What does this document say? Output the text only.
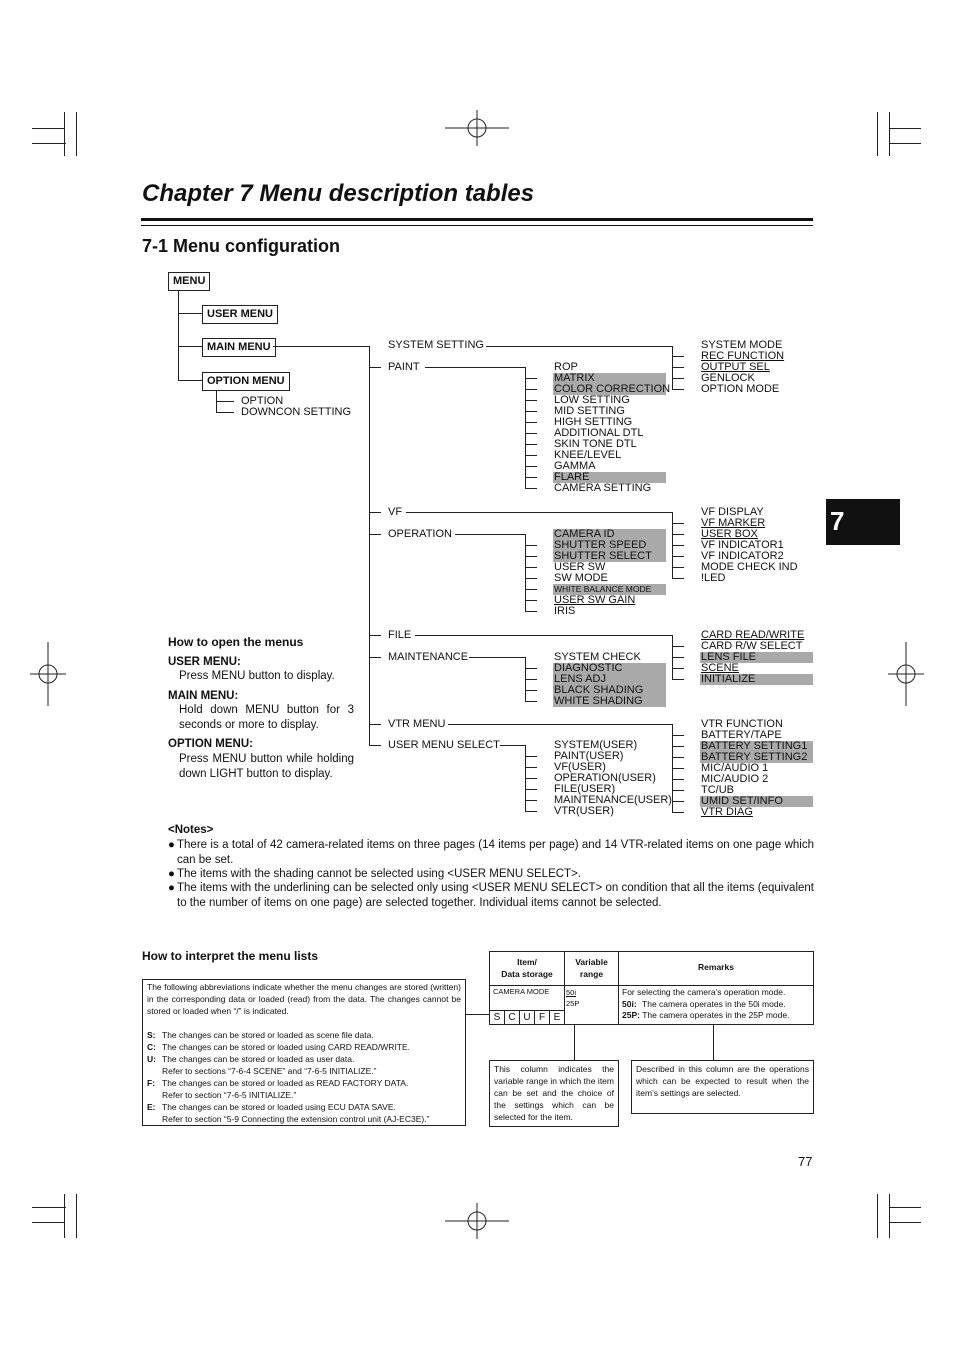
Chapter 7 Menu description tables
7-1 Menu configuration
7
MENU
USER MENU
MAIN MENU
OPTION MENU
OPTION
DOWNCON SETTING
SYSTEM SETTING
PAINT
VF
OPERATION
FILE
MAINTENANCE
VTR MENU
USER MENU SELECT
ROP
MATRIX
COLOR CORRECTION
LOW SETTING
MID SETTING
HIGH SETTING
ADDITIONAL DTL
SKIN TONE DTL
KNEE/LEVEL
GAMMA
FLARE
CAMERA SETTING
CAMERA ID
SHUTTER SPEED
SHUTTER SELECT
USER SW
SW MODE
WHITE BALANCE MODE
USER SW GAIN
IRIS
SYSTEM CHECK
DIAGNOSTIC
LENS ADJ
BLACK SHADING
WHITE SHADING
SYSTEM(USER)
PAINT(USER)
VF(USER)
OPERATION(USER)
FILE(USER)
MAINTENANCE(USER)
VTR(USER)
SYSTEM MODE
REC FUNCTION
OUTPUT SEL
GENLOCK
OPTION MODE
VF DISPLAY
VF MARKER
USER BOX
VF INDICATOR1
VF INDICATOR2
MODE CHECK IND
!LED
CARD READ/WRITE
CARD R/W SELECT
LENS FILE
SCENE
INITIALIZE
VTR FUNCTION
BATTERY/TAPE
BATTERY SETTING1
BATTERY SETTING2
MIC/AUDIO 1
MIC/AUDIO 2
TC/UB
UMID SET/INFO
VTR DIAG
How to open the menus
USER MENU:
Press MENU button to display.
MAIN MENU:
Hold down MENU button for 3 seconds or more to display.
OPTION MENU:
Press MENU button while holding down LIGHT button to display.
<Notes>
● There is a total of 42 camera-related items on three pages (14 items per page) and 14 VTR-related items on one page which can be set.
● The items with the shading cannot be selected using <USER MENU SELECT>.
● The items with the underlining can be selected only using <USER MENU SELECT> on condition that all the items (equivalent to the number of items on one page) are selected together. Individual items cannot be selected.
How to interpret the menu lists
The following abbreviations indicate whether the menu changes are stored (written) in the corresponding data or loaded (read) from the data. The changes cannot be stored or loaded when “/” is indicated.
S: The changes can be stored or loaded as scene file data.
C: The changes can be stored or loaded using CARD READ/WRITE.
U: The changes can be stored or loaded as user data.
Refer to sections “7-6-4 SCENE” and “7-6-5 INITIALIZE.”
F: The changes can be stored or loaded as READ FACTORY DATA.
Refer to section “7-6-5 INITIALIZE.”
E: The changes can be stored or loaded using ECU DATA SAVE.
Refer to section “5-9 Connecting the extension control unit (AJ-EC3E).”
Item/
Data storage
Variable
range
Remarks
CAMERA MODE
S C U F E
50i
25P
For selecting the camera’s operation mode.
50i: The camera operates in the 50i mode.
25P: The camera operates in the 25P mode.
This column indicates the variable range in which the item can be set and the choice of the settings which can be selected for the item.
Described in this column are the operations which can be expected to result when the item’s settings are selected.
77
